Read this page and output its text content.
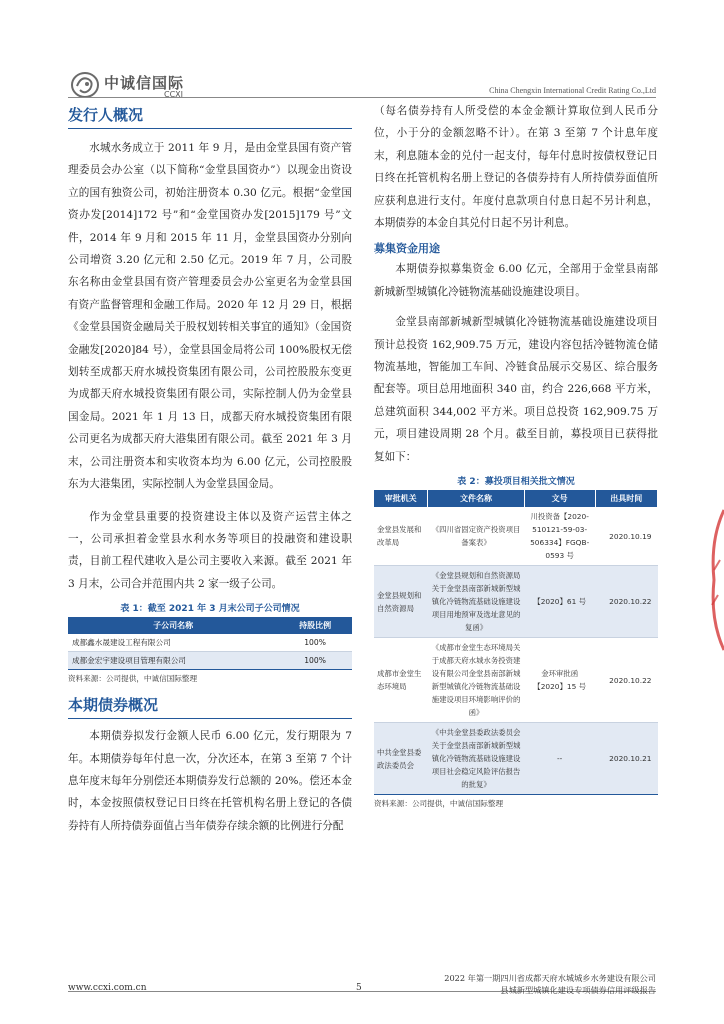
中诚信国际
CCXI	China Chengxin International Credit Rating Co.,Ltd
发行人概况

水城水务成立于 2011 年 9 月，是由金堂县国有资产管理委员会办公室（以下简称“金堂县国资办”）以现金出资设立的国有独资公司，初始注册资本 0.30 亿元。根据“金堂国资办发[2014]172 号”和“金堂国资办发[2015]179 号”文件，2014 年 9 月和 2015 年 11 月，金堂县国资办分别向公司增资 3.20 亿元和 2.50 亿元。2019 年 7 月，公司股东名称由金堂县国有资产管理委员会办公室更名为金堂县国有资产监督管理和金融工作局。2020 年 12 月 29 日，根据《金堂县国资金融局关于股权划转相关事宜的通知》（金国资金融发[2020]84 号），金堂县国金局将公司 100%股权无偿划转至成都天府水城投资集团有限公司，公司控股股东变更为成都天府水城投资集团有限公司，实际控制人仍为金堂县国金局。2021 年 1 月 13 日，成都天府水城投资集团有限公司更名为成都天府大港集团有限公司。截至 2021 年 3 月末，公司注册资本和实收资本均为 6.00 亿元，公司控股股东为大港集团，实际控制人为金堂县国金局。

作为金堂县重要的投资建设主体以及资产运营主体之一，公司承担着金堂县水利水务等项目的投融资和建设职责，目前工程代建收入是公司主要收入来源。截至 2021 年 3 月末，公司合并范围内共 2 家一级子公司。

表 1：截至 2021 年 3 月末公司子公司情况
子公司名称	持股比例
成都鑫水晟建设工程有限公司	100%
成都金宏宇建设项目管理有限公司	100%
资料来源：公司提供，中诚信国际整理
本期债券概况

本期债券拟发行金额人民币 6.00 亿元，发行期限为 7 年。本期债券每年付息一次，分次还本，在第 3 至第 7 个计息年度末每年分别偿还本期债券发行总额的 20%。偿还本金时，本金按照债权登记日日终在托管机构名册上登记的各债券持有人所持债券面值占当年债券存续余额的比例进行分配

（每名债券持有人所受偿的本金金额计算取位到人民币分位，小于分的金额忽略不计）。在第 3 至第 7 个计息年度末，利息随本金的兑付一起支付，每年付息时按债权登记日日终在托管机构名册上登记的各债券持有人所持债券面值所应获利息进行支付。年度付息款项自付息日起不另计利息，本期债券的本金自其兑付日起不另计利息。

募集资金用途

本期债券拟募集资金 6.00 亿元，全部用于金堂县南部新城新型城镇化冷链物流基础设施建设项目。

金堂县南部新城新型城镇化冷链物流基础设施建设项目预计总投资 162,909.75 万元，建设内容包括冷链物流仓储物流基地，智能加工车间、冷链食品展示交易区、综合服务配套等。项目总用地面积 340 亩，约合 226,668 平方米，总建筑面积 344,002 平方米。项目总投资 162,909.75 万元，项目建设周期 28 个月。截至目前，募投项目已获得批复如下：

表 2：募投项目相关批文情况
审批机关	文件名称	文号	出具时间
金堂县发展和改革局	《四川省固定资产投资项目备案表》	川投资备【2020-510121-59-03-506334】FGQB-0593 号	2020.10.19
金堂县规划和自然资源局	《金堂县规划和自然资源局关于金堂县南部新城新型城镇化冷链物流基础设施建设项目用地预审及选址意见的复函》	【2020】61 号	2020.10.22
成都市金堂生态环境局	《成都市金堂生态环境局关于成都天府水城水务投资建设有限公司金堂县南部新城新型城镇化冷链物流基础设施建设项目环境影响评价的函》	金环审批函【2020】15 号	2020.10.22
中共金堂县委政法委员会	《中共金堂县委政法委员会关于金堂县南部新城新型城镇化冷链物流基础设施建设项目社会稳定风险评估报告的批复》	--	2020.10.21
资料来源：公司提供，中诚信国际整理
www.ccxi.com.cn	5
2022 年第一期四川省成都天府水城城乡水务建设有限公司
县城新型城镇化建设专项债券信用评级报告
